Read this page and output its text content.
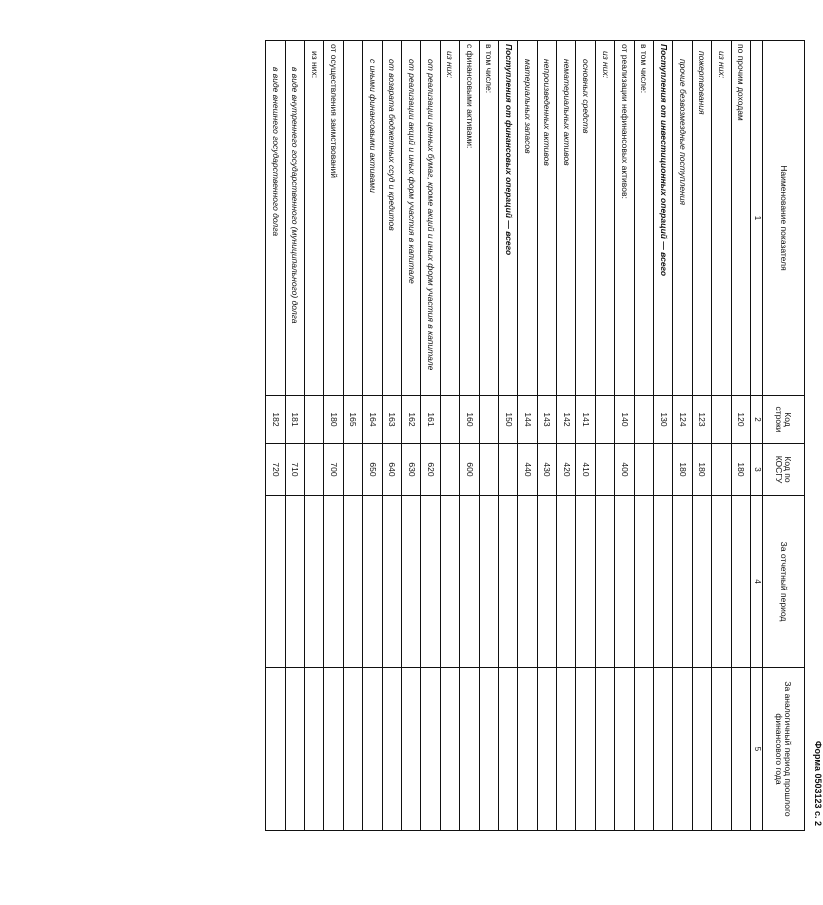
Форма 0503123 с. 2
Наименование показателя	Код строки	Код по КОСГУ	За отчетный период	За аналогичный период прошлого финансового года
1	2	3	4	5
по прочим доходам	120	180		
из них:				
пожертвования	123	180		
прочие безвозмездные поступления	124	180		
Поступления от инвестиционных операций — всего	130			
в том числе:				
от реализации нефинансовых активов:	140	400		
из них:				
основных средств	141	410		
нематериальных активов	142	420		
непроизведенных активов	143	430		
материальных запасов	144	440		
Поступления от финансовых операций — всего	150			
в том числе:				
с финансовыми активами:	160	600		
из них:				
от реализации ценных бумаг, кроме акций и иных форм участия в капитале	161	620		
от реализации акций и иных форм участия в капитале	162	630		
от возврата бюджетных ссуд и кредитов	163	640		
с иными финансовыми активами	164	650		
	165			
от осуществления заимствований	180	700		
из них:				
в виде внутреннего государственного (муниципального) долга	181	710		
в виде внешнего государственного долга	182	720		
